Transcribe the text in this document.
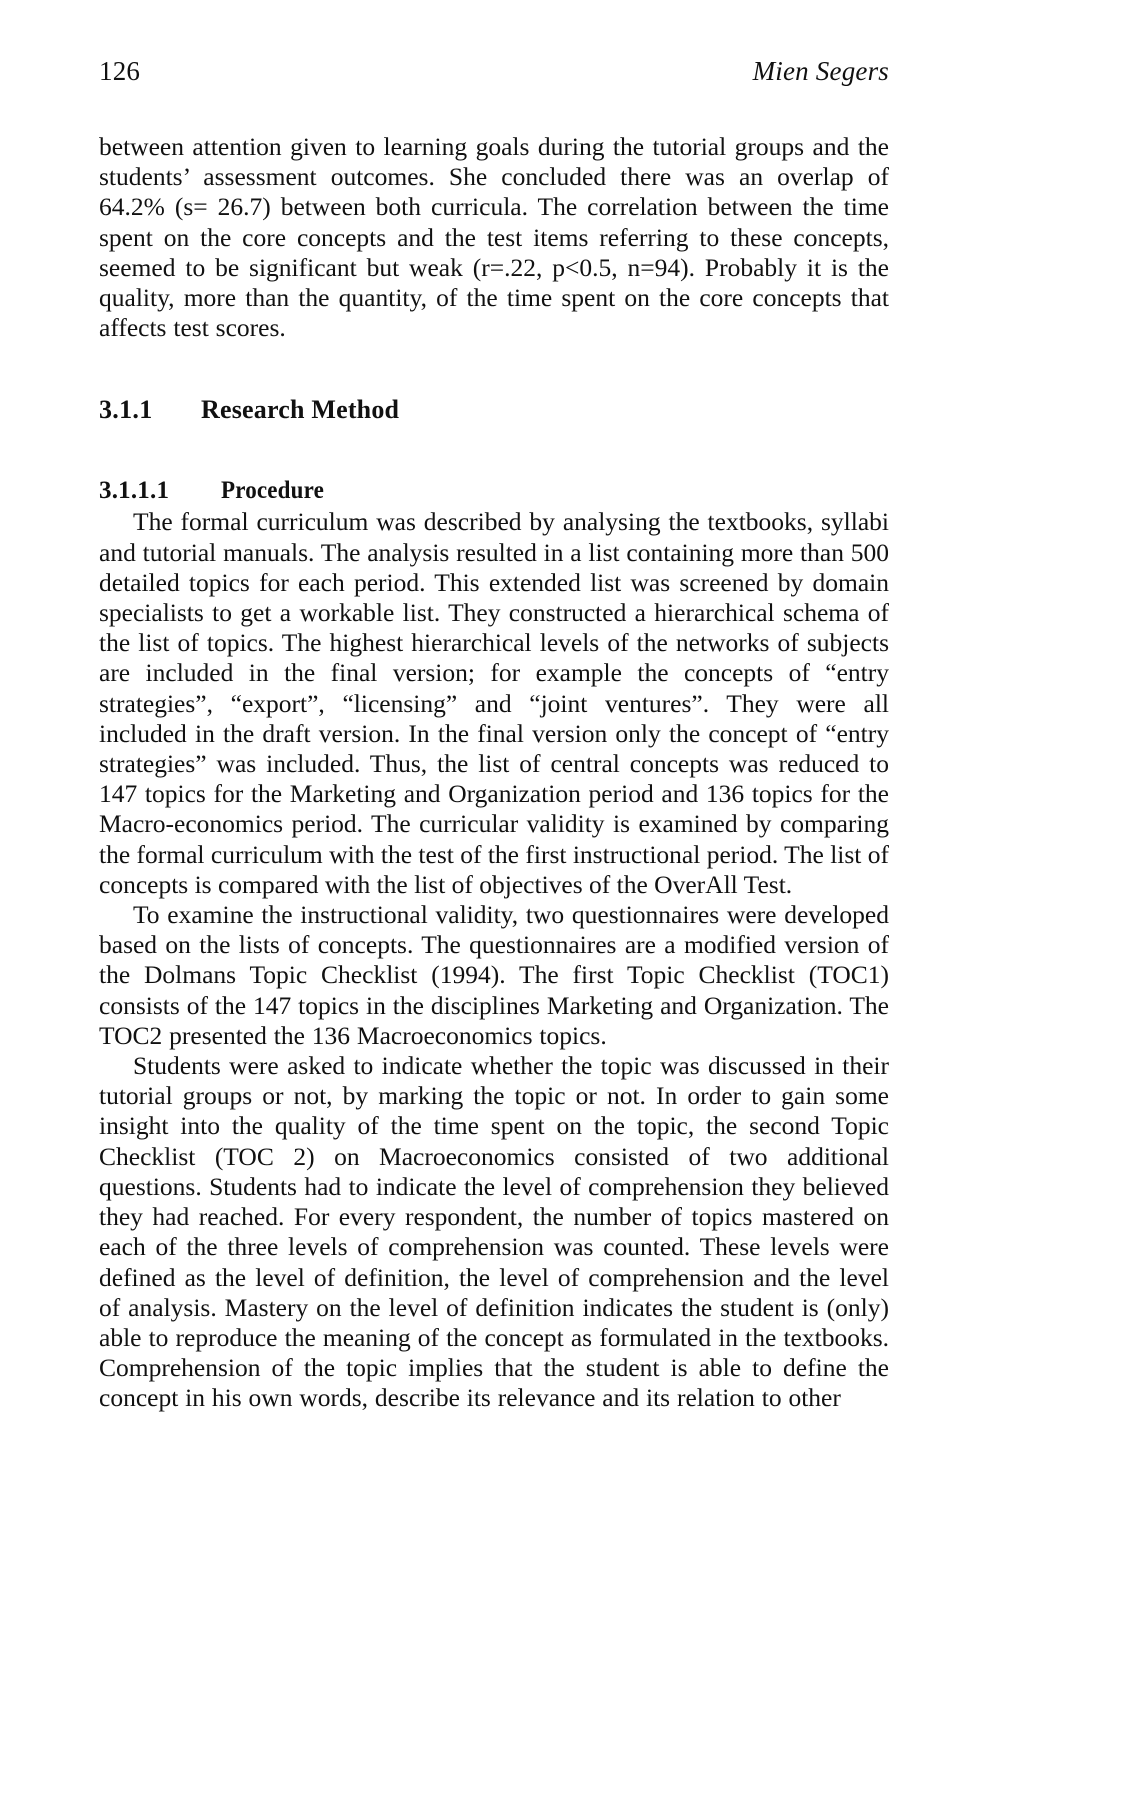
126	Mien Segers

between attention given to learning goals during the tutorial groups and the students’ assessment outcomes. She concluded there was an overlap of 64.2% (s= 26.7) between both curricula. The correlation between the time spent on the core concepts and the test items referring to these concepts, seemed to be significant but weak (r=.22, p<0.5, n=94). Probably it is the quality, more than the quantity, of the time spent on the core concepts that affects test scores.

3.1.1	Research Method
3.1.1.1	Procedure

The formal curriculum was described by analysing the textbooks, syllabi and tutorial manuals. The analysis resulted in a list containing more than 500 detailed topics for each period. This extended list was screened by domain specialists to get a workable list. They constructed a hierarchical schema of the list of topics. The highest hierarchical levels of the networks of subjects are included in the final version; for example the concepts of “entry strategies”, “export”, “licensing” and “joint ventures”. They were all included in the draft version. In the final version only the concept of “entry strategies” was included. Thus, the list of central concepts was reduced to 147 topics for the Marketing and Organization period and 136 topics for the Macro-economics period. The curricular validity is examined by comparing the formal curriculum with the test of the first instructional period. The list of concepts is compared with the list of objectives of the OverAll Test.

To examine the instructional validity, two questionnaires were developed based on the lists of concepts. The questionnaires are a modified version of the Dolmans Topic Checklist (1994). The first Topic Checklist (TOC1) consists of the 147 topics in the disciplines Marketing and Organization. The TOC2 presented the 136 Macroeconomics topics.

Students were asked to indicate whether the topic was discussed in their tutorial groups or not, by marking the topic or not. In order to gain some insight into the quality of the time spent on the topic, the second Topic Checklist (TOC 2) on Macroeconomics consisted of two additional questions. Students had to indicate the level of comprehension they believed they had reached. For every respondent, the number of topics mastered on each of the three levels of comprehension was counted. These levels were defined as the level of definition, the level of comprehension and the level of analysis. Mastery on the level of definition indicates the student is (only) able to reproduce the meaning of the concept as formulated in the textbooks. Comprehension of the topic implies that the student is able to define the concept in his own words, describe its relevance and its relation to other
